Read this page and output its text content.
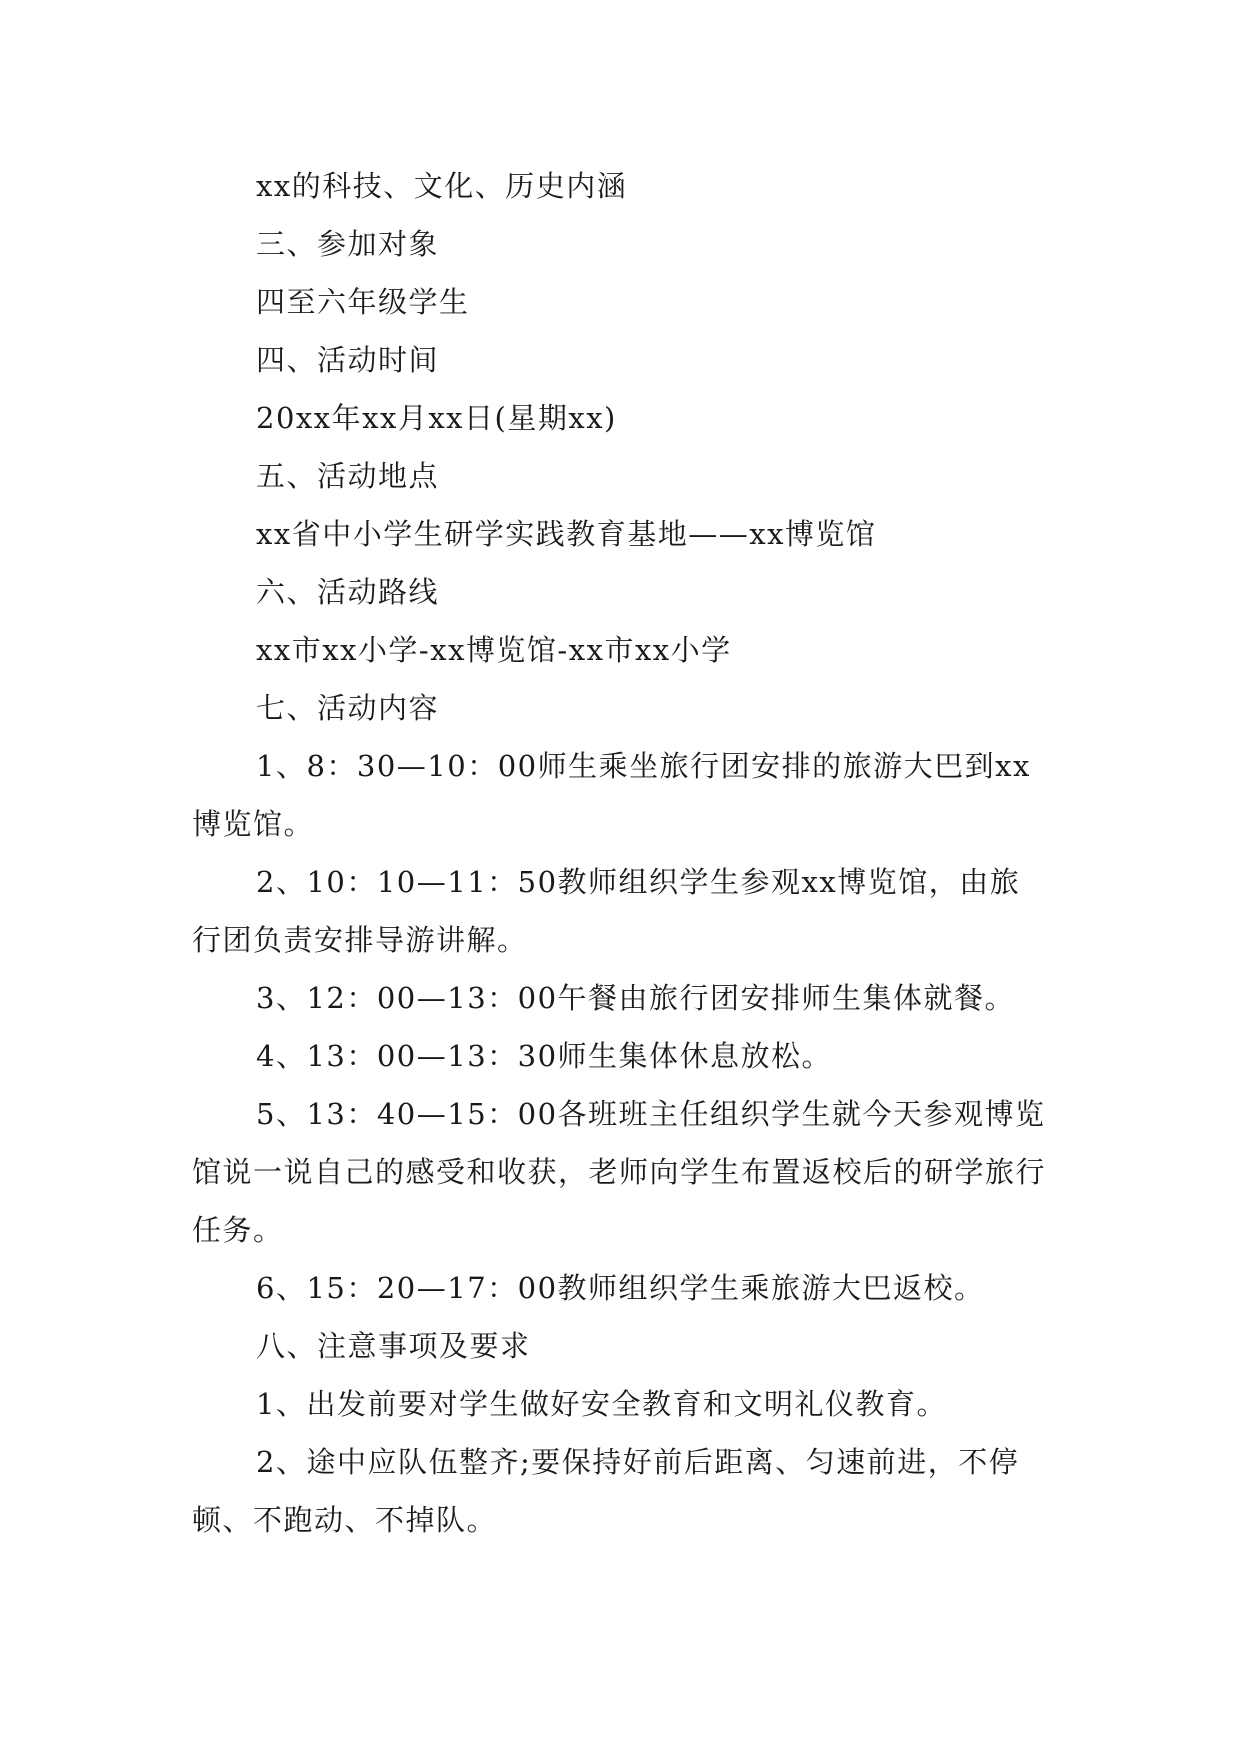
xx的科技、文化、历史内涵

三、参加对象

四至六年级学生

四、活动时间

20xx年xx月xx日(星期xx)

五、活动地点

xx省中小学生研学实践教育基地——xx博览馆

六、活动路线

xx市xx小学-xx博览馆-xx市xx小学

七、活动内容

1、8：30—10：00师生乘坐旅行团安排的旅游大巴到xx博览馆。

2、10：10—11：50教师组织学生参观xx博览馆，由旅行团负责安排导游讲解。

3、12：00—13：00午餐由旅行团安排师生集体就餐。

4、13：00—13：30师生集体休息放松。

5、13：40—15：00各班班主任组织学生就今天参观博览馆说一说自己的感受和收获，老师向学生布置返校后的研学旅行任务。

6、15：20—17：00教师组织学生乘旅游大巴返校。

八、注意事项及要求

1、出发前要对学生做好安全教育和文明礼仪教育。

2、途中应队伍整齐;要保持好前后距离、匀速前进，不停顿、不跑动、不掉队。
